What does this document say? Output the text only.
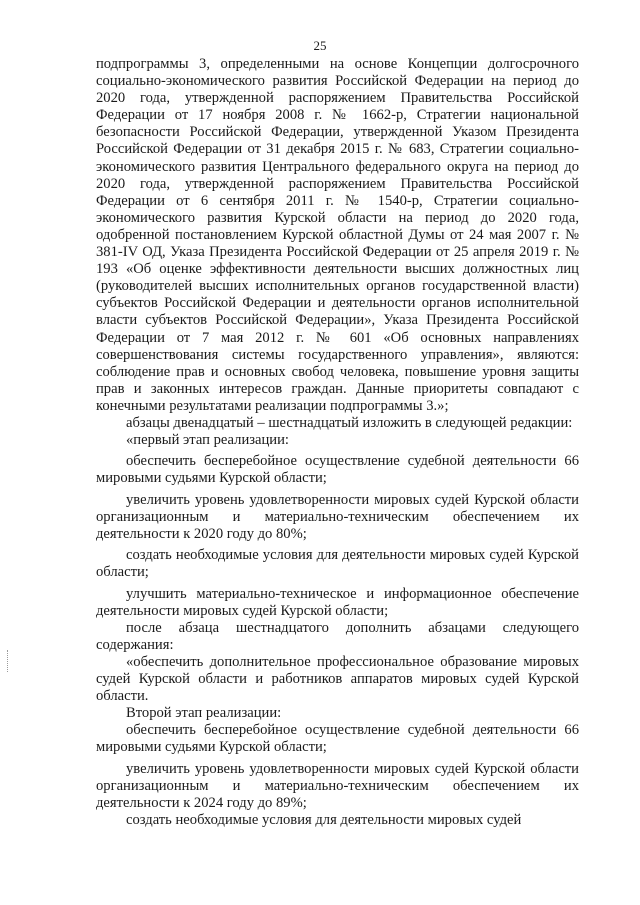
25

подпрограммы 3, определенными на основе Концепции долгосрочного социально-экономического развития Российской Федерации на период до 2020 года, утвержденной распоряжением Правительства Российской Федерации от 17 ноября 2008 г. № 1662-р, Стратегии национальной безопасности Российской Федерации, утвержденной Указом Президента Российской Федерации от 31 декабря 2015 г. № 683, Стратегии социально-экономического развития Центрального федерального округа на период до 2020 года, утвержденной распоряжением Правительства Российской Федерации от 6 сентября 2011 г. № 1540-р, Стратегии социально-экономического развития Курской области на период до 2020 года, одобренной постановлением Курской областной Думы от 24 мая 2007 г. № 381-IV ОД, Указа Президента Российской Федерации от 25 апреля 2019 г. № 193 «Об оценке эффективности деятельности высших должностных лиц (руководителей высших исполнительных органов государственной власти) субъектов Российской Федерации и деятельности органов исполнительной власти субъектов Российской Федерации», Указа Президента Российской Федерации от 7 мая 2012 г. № 601 «Об основных направлениях совершенствования системы государственного управления», являются: соблюдение прав и основных свобод человека, повышение уровня защиты прав и законных интересов граждан. Данные приоритеты совпадают с конечными результатами реализации подпрограммы 3.»;

абзацы двенадцатый – шестнадцатый изложить в следующей редакции:

«первый этап реализации:

обеспечить бесперебойное осуществление судебной деятельности 66 мировыми судьями Курской области;

увеличить уровень удовлетворенности мировых судей Курской области организационным и материально-техническим обеспечением их деятельности к 2020 году до 80%;

создать необходимые условия для деятельности мировых судей Курской области;

улучшить материально-техническое и информационное обеспечение деятельности мировых судей Курской области;

после абзаца шестнадцатого дополнить абзацами следующего содержания:

«обеспечить дополнительное профессиональное образование мировых судей Курской области и работников аппаратов мировых судей Курской области.

Второй этап реализации:

обеспечить бесперебойное осуществление судебной деятельности 66 мировыми судьями Курской области;

увеличить уровень удовлетворенности мировых судей Курской области организационным и материально-техническим обеспечением их деятельности к 2024 году до 89%;

создать необходимые условия для деятельности мировых судей
